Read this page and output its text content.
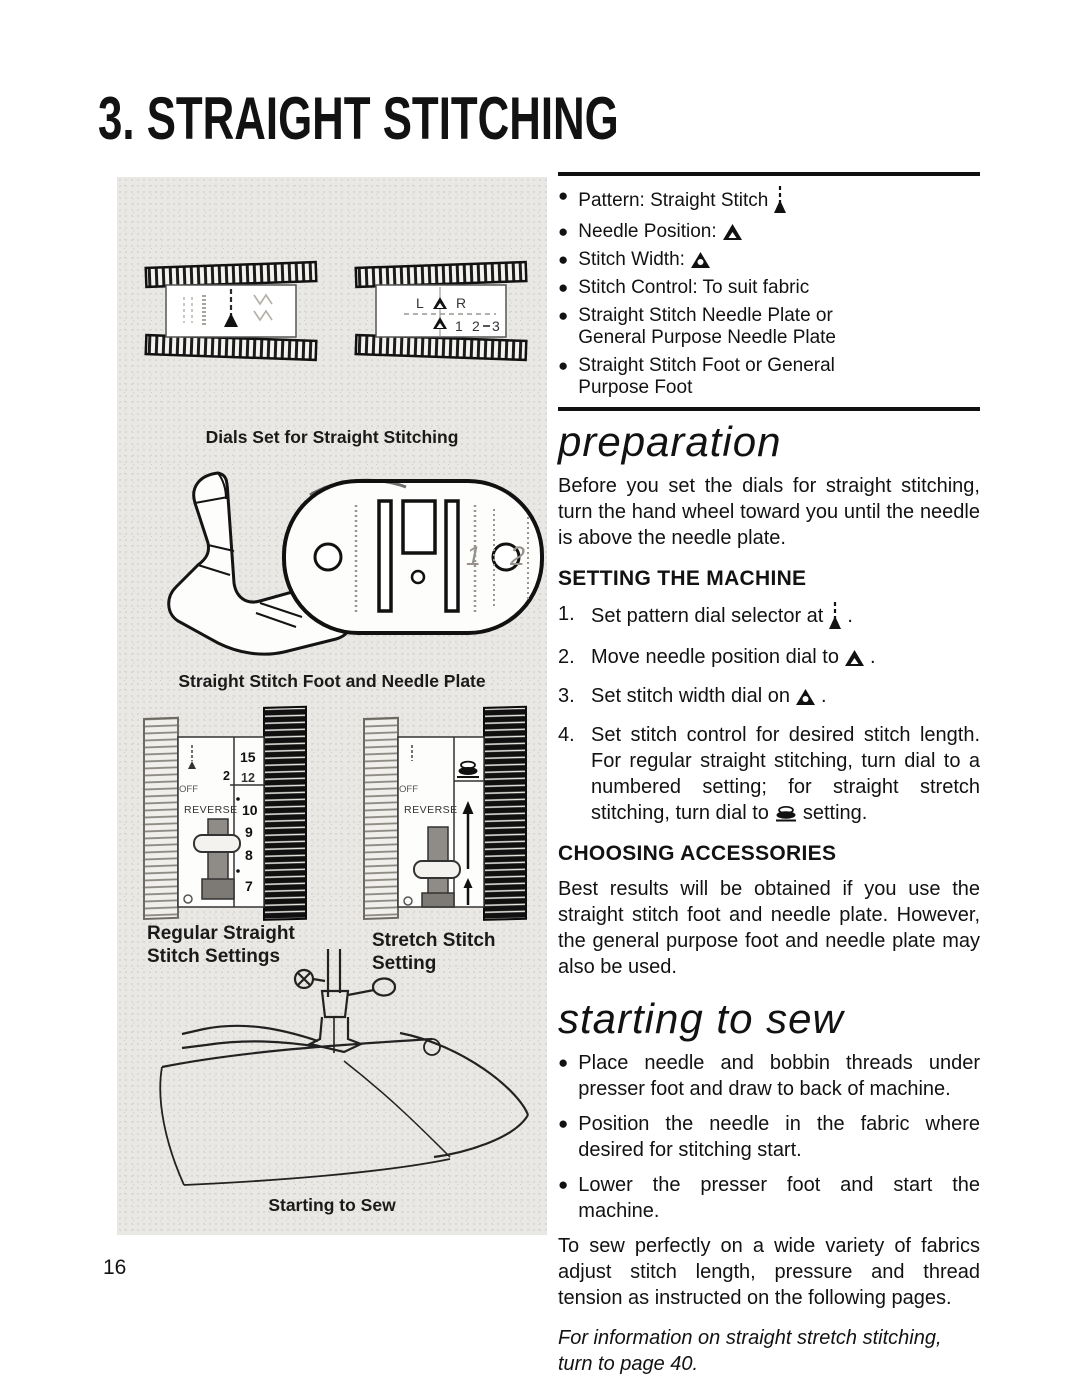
3. STRAIGHT STITCHING
L R
1 2 3
Dials Set for Straight Stitching
1 2
Straight Stitch Foot and Needle Plate
OFF
REVERSE
15
2 12
10
9
8
7
OFF
REVERSE
Regular Straight Stitch Settings
Stretch Stitch Setting
Starting to Sew
● Pattern: Straight Stitch
● Needle Position:
● Stitch Width:
● Stitch Control: To suit fabric
● Straight Stitch Needle Plate or General Purpose Needle Plate
● Straight Stitch Foot or General Purpose Foot
preparation

Before you set the dials for straight stitching, turn the hand wheel toward you until the needle is above the needle plate.

SETTING THE MACHINE
1. Set pattern dial selector at .
2. Move needle position dial to .
3. Set stitch width dial on .
4. Set stitch control for desired stitch length. For regular straight stitching, turn dial to a numbered setting; for straight stretch stitching, turn dial to setting.
CHOOSING ACCESSORIES

Best results will be obtained if you use the straight stitch foot and needle plate. However, the general purpose foot and needle plate may also be used.

starting to sew
● Place needle and bobbin threads under presser foot and draw to back of machine.
● Position the needle in the fabric where desired for stitching start.
● Lower the presser foot and start the machine.

To sew perfectly on a wide variety of fabrics adjust stitch length, pressure and thread tension as instructed on the following pages.

For information on straight stretch stitching, turn to page 40.

16
